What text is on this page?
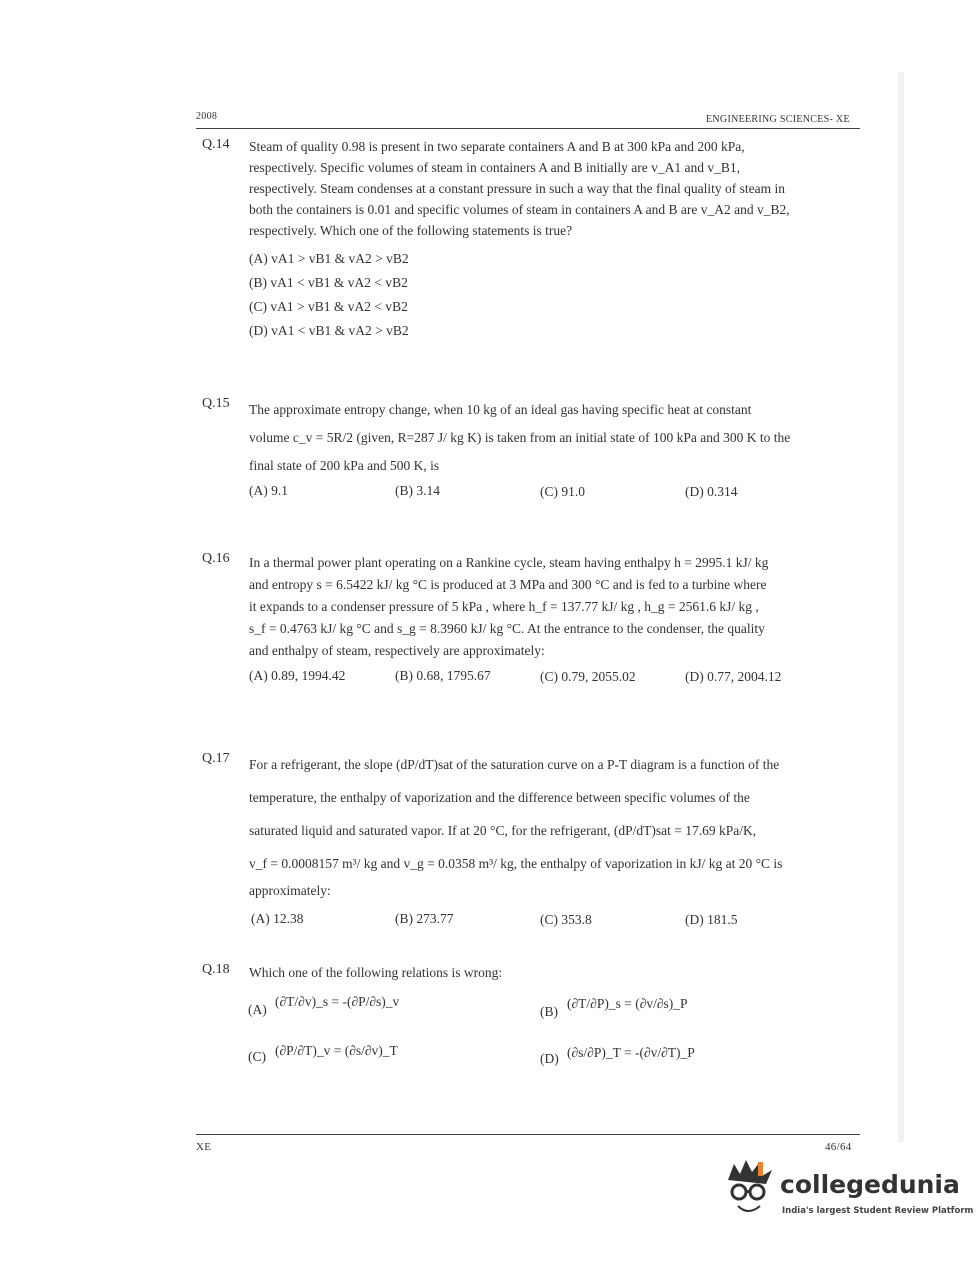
2008	ENGINEERING SCIENCES- XE
Q.14 Steam of quality 0.98 is present in two separate containers A and B at 300 kPa and 200 kPa,
respectively. Specific volumes of steam in containers A and B initially are v_A1 and v_B1,
respectively. Steam condenses at a constant pressure in such a way that the final quality of steam in
both the containers is 0.01 and specific volumes of steam in containers A and B are v_A2 and v_B2,
respectively. Which one of the following statements is true?
(A) vA1 > vB1 & vA2 > vB2
(B) vA1 < vB1 & vA2 < vB2
(C) vA1 > vB1 & vA2 < vB2
(D) vA1 < vB1 & vA2 > vB2
Q.15 The approximate entropy change, when 10 kg of an ideal gas having specific heat at constant
volume c_v = 5R/2 (given, R=287 J/ kg K) is taken from an initial state of 100 kPa and 300 K to the
final state of 200 kPa and 500 K, is
(A) 9.1	(B) 3.14	(C) 91.0	(D) 0.314
Q.16 In a thermal power plant operating on a Rankine cycle, steam having enthalpy h = 2995.1 kJ/ kg
and entropy s = 6.5422 kJ/ kg °C is produced at 3 MPa and 300 °C and is fed to a turbine where
it expands to a condenser pressure of 5 kPa , where h_f = 137.77 kJ/ kg , h_g = 2561.6 kJ/ kg ,
s_f = 0.4763 kJ/ kg °C and s_g = 8.3960 kJ/ kg °C. At the entrance to the condenser, the quality
and enthalpy of steam, respectively are approximately:
(A) 0.89, 1994.42	(B) 0.68, 1795.67	(C) 0.79, 2055.02	(D) 0.77, 2004.12
Q.17 For a refrigerant, the slope (dP/dT)sat of the saturation curve on a P-T diagram is a function of the
temperature, the enthalpy of vaporization and the difference between specific volumes of the
saturated liquid and saturated vapor. If at 20 °C, for the refrigerant, (dP/dT)sat = 17.69 kPa/K,
v_f = 0.0008157 m³/ kg and v_g = 0.0358 m³/ kg, the enthalpy of vaporization in kJ/ kg at 20 °C is
approximately:
(A) 12.38	(B) 273.77	(C) 353.8	(D) 181.5
Q.18 Which one of the following relations is wrong:
(A)
(∂T/∂v)_s = -(∂P/∂s)_v
(B)
(∂T/∂P)_s = (∂v/∂s)_P
(C) (∂P/∂T)_v = (∂s/∂v)_T
(D) (∂s/∂P)_T = -(∂v/∂T)_P
XE	46/64
collegedunia
India's largest Student Review Platform
